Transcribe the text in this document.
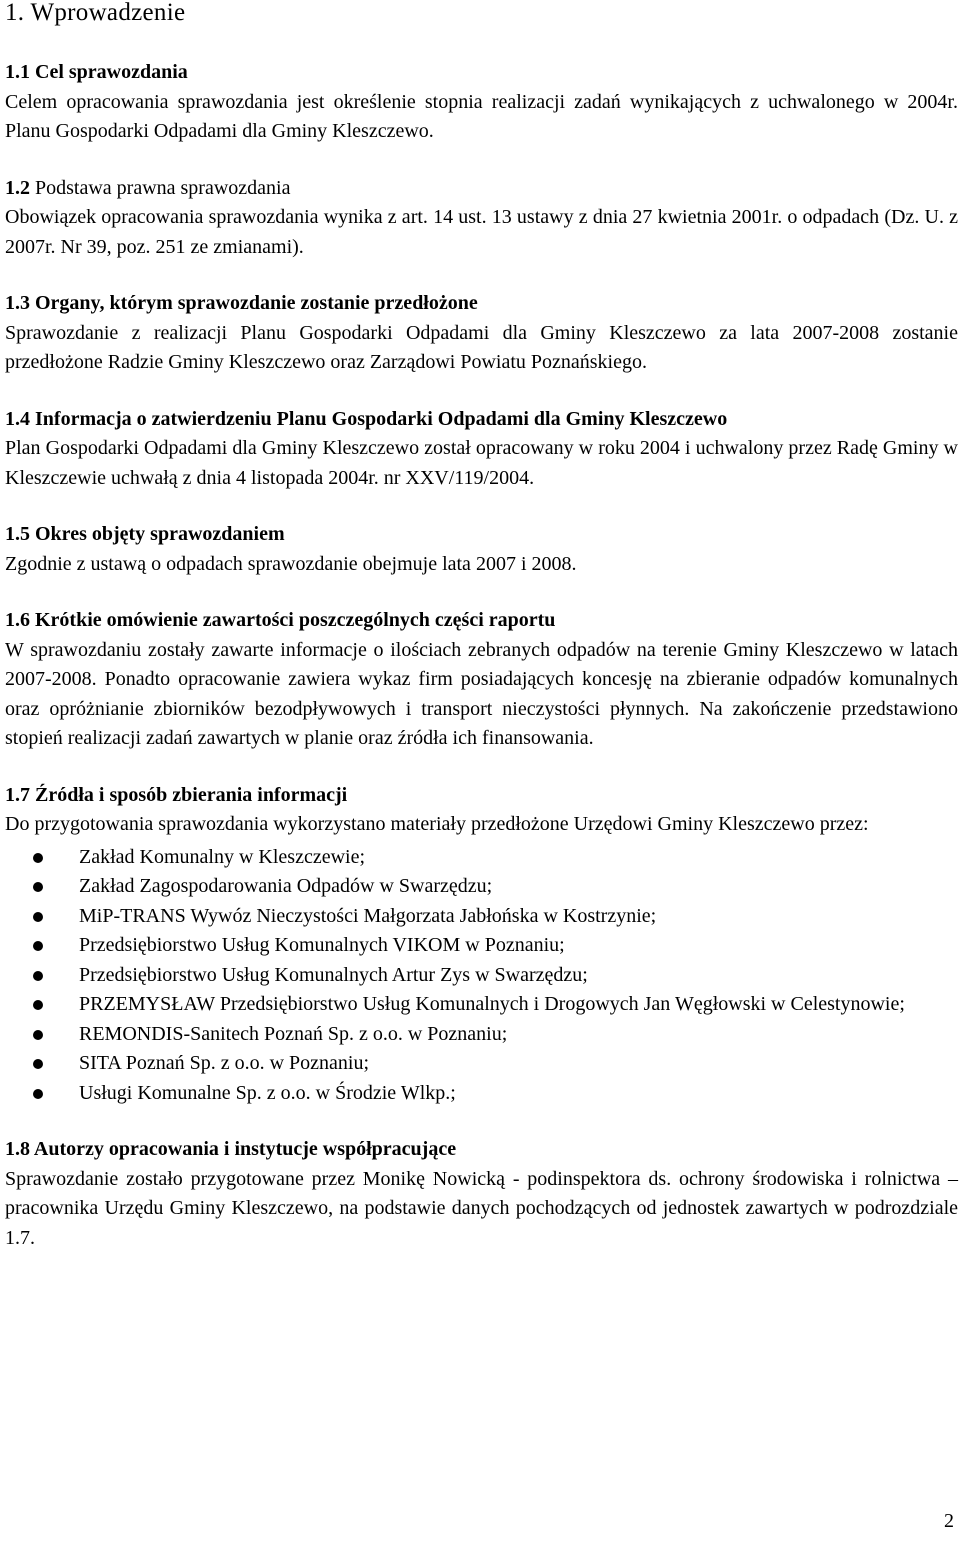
1. Wprowadzenie

1.1 Cel sprawozdania

Celem opracowania sprawozdania jest określenie stopnia realizacji zadań wynikających z uchwalonego w 2004r. Planu Gospodarki Odpadami dla Gminy Kleszczewo.

1.2 Podstawa prawna sprawozdania

Obowiązek opracowania sprawozdania wynika z art. 14 ust. 13 ustawy z dnia 27 kwietnia 2001r. o odpadach (Dz. U. z 2007r. Nr 39, poz. 251 ze zmianami).

1.3 Organy, którym sprawozdanie zostanie przedłożone

Sprawozdanie z realizacji Planu Gospodarki Odpadami dla Gminy Kleszczewo za lata 2007-2008 zostanie przedłożone Radzie Gminy Kleszczewo oraz Zarządowi Powiatu Poznańskiego.

1.4 Informacja o zatwierdzeniu Planu Gospodarki Odpadami dla Gminy Kleszczewo

Plan Gospodarki Odpadami dla Gminy Kleszczewo został opracowany w roku 2004 i uchwalony przez Radę Gminy w Kleszczewie uchwałą z dnia 4 listopada 2004r. nr XXV/119/2004.

1.5 Okres objęty sprawozdaniem

Zgodnie z ustawą o odpadach sprawozdanie obejmuje lata 2007 i 2008.

1.6 Krótkie omówienie zawartości poszczególnych części raportu

W sprawozdaniu zostały zawarte informacje o ilościach zebranych odpadów na terenie Gminy Kleszczewo w latach 2007-2008. Ponadto opracowanie zawiera wykaz firm posiadających koncesję na zbieranie odpadów komunalnych oraz opróżnianie zbiorników bezodpływowych i transport nieczystości płynnych. Na zakończenie przedstawiono stopień realizacji zadań zawartych w planie oraz źródła ich finansowania.

1.7 Źródła i sposób zbierania informacji

Do przygotowania sprawozdania wykorzystano materiały przedłożone Urzędowi Gminy Kleszczewo przez:

Zakład Komunalny w Kleszczewie;
Zakład Zagospodarowania Odpadów w Swarzędzu;
MiP-TRANS Wywóz Nieczystości Małgorzata Jabłońska w Kostrzynie;
Przedsiębiorstwo Usług Komunalnych VIKOM w Poznaniu;
Przedsiębiorstwo Usług Komunalnych Artur Zys w Swarzędzu;
PRZEMYSŁAW Przedsiębiorstwo Usług Komunalnych i Drogowych Jan Węgłowski w Celestynowie;
REMONDIS-Sanitech Poznań Sp. z o.o. w Poznaniu;
SITA Poznań Sp. z o.o. w Poznaniu;
Usługi Komunalne Sp. z o.o. w Środzie Wlkp.;

1.8 Autorzy opracowania i instytucje współpracujące

Sprawozdanie zostało przygotowane przez Monikę Nowicką - podinspektora ds. ochrony środowiska i rolnictwa – pracownika Urzędu Gminy Kleszczewo, na podstawie danych pochodzących od jednostek zawartych w podrozdziale 1.7.

2
